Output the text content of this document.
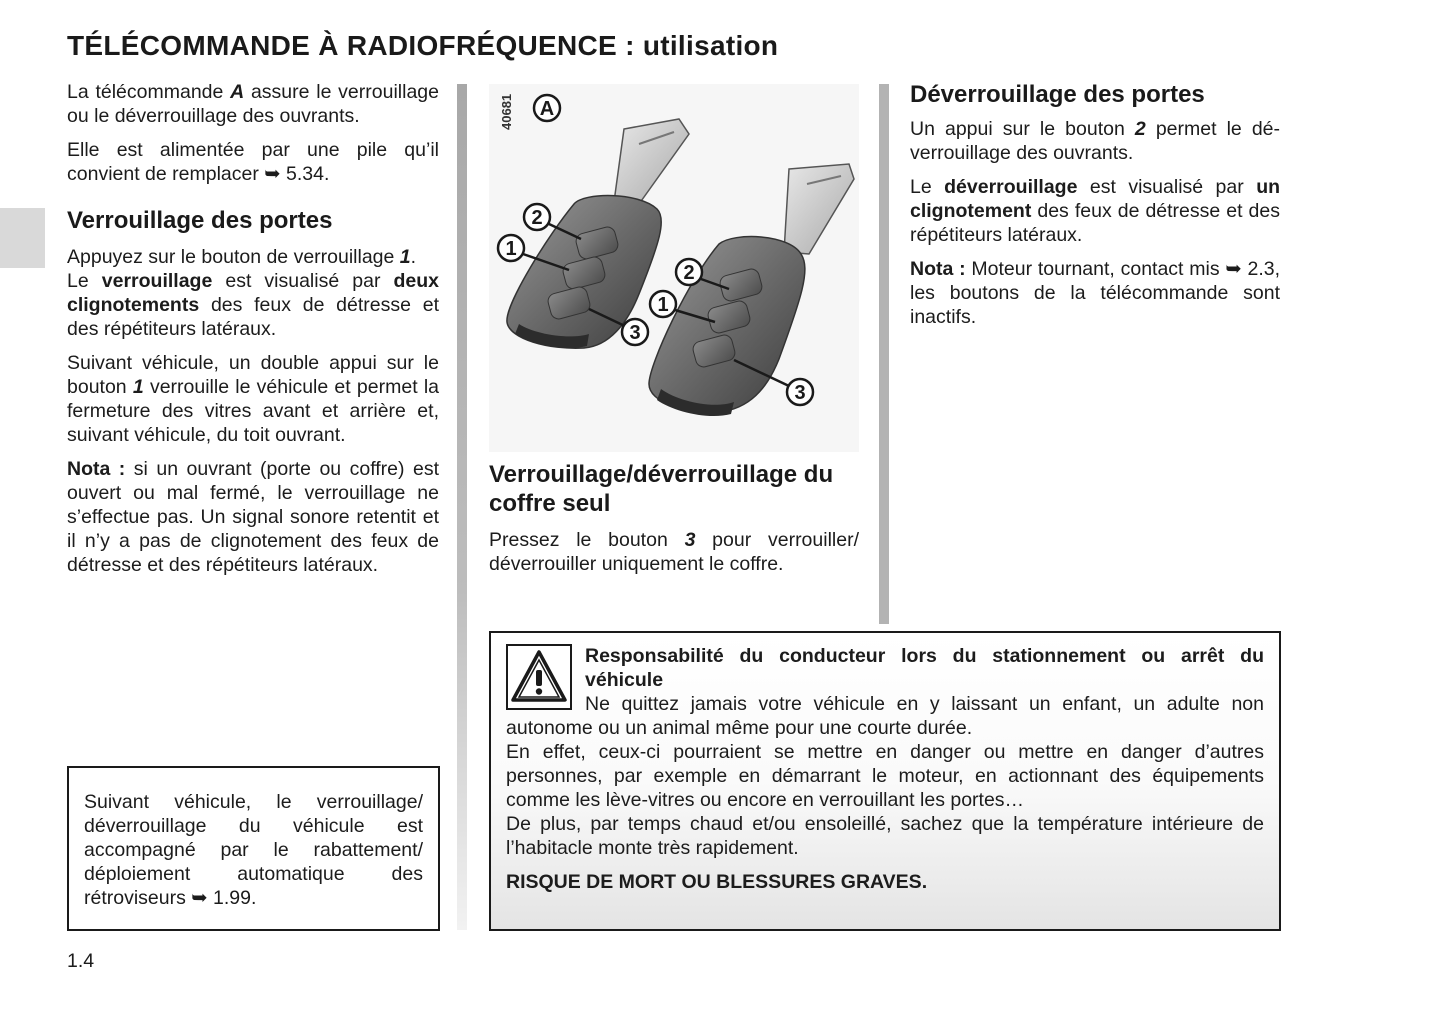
TÉLÉCOMMANDE À RADIOFRÉQUENCE : utilisation

La télécommande A assure le verrouillage ou le déverrouillage des ouvrants.

Elle est alimentée par une pile qu’il convient de remplacer ➥ 5.34.

Verrouillage des portes

Appuyez sur le bouton de verrouillage 1.

Le verrouillage est visualisé par deux clignotements des feux de détresse et des répétiteurs latéraux.

Suivant véhicule, un double appui sur le bouton 1 verrouille le véhicule et permet la fermeture des vitres avant et arrière et, suivant véhicule, du toit ouvrant.

Nota : si un ouvrant (porte ou coffre) est ouvert ou mal fermé, le verrouillage ne s’effectue pas. Un signal sonore retentit et il n’y a pas de clignotement des feux de détresse et des répétiteurs latéraux.

Suivant véhicule, le verrouillage/ déverrouillage du véhicule est accompagné par le rabattement/ déploiement automatique des rétroviseurs ➥ 1.99.

40681 A
2
1
3
2
1
3
Verrouillage/déverrouillage du coffre seul

Pressez le bouton 3 pour verrouiller/ déverrouiller uniquement le coffre.

Déverrouillage des portes

Un appui sur le bouton 2 permet le déverrouillage des ouvrants.

Le déverrouillage est visualisé par un clignotement des feux de détresse et des répétiteurs latéraux.

Nota : Moteur tournant, contact mis ➥ 2.3, les boutons de la télécommande sont inactifs.

Responsabilité du conducteur lors du stationnement ou arrêt du véhicule

Ne quittez jamais votre véhicule en y laissant un enfant, un adulte non autonome ou un animal même pour une courte durée.

En effet, ceux-ci pourraient se mettre en danger ou mettre en danger d’autres personnes, par exemple en démarrant le moteur, en actionnant des équipements comme les lève-vitres ou encore en verrouillant les portes…

De plus, par temps chaud et/ou ensoleillé, sachez que la température intérieure de l’habitacle monte très rapidement.

RISQUE DE MORT OU BLESSURES GRAVES.

1.4
